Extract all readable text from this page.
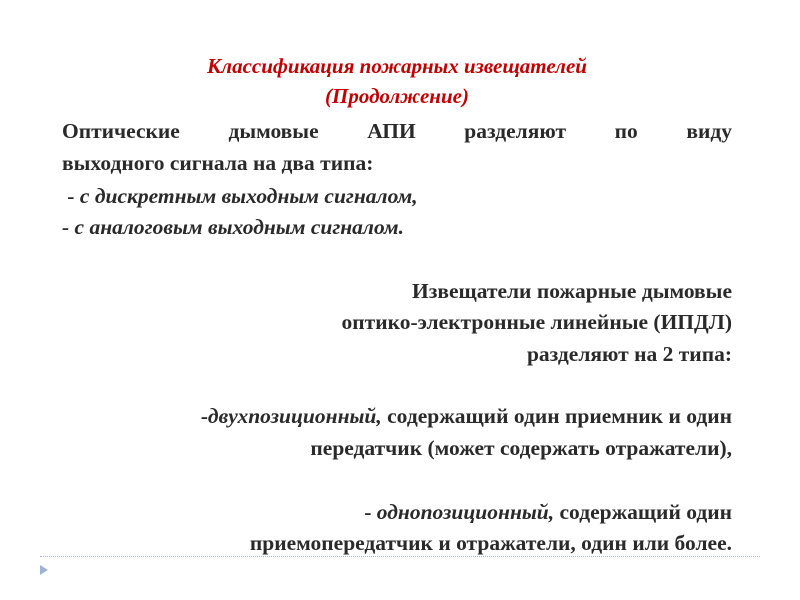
Классификация пожарных извещателей
(Продолжение)
Оптические дымовые АПИ разделяют по виду
выходного сигнала на два типа:
- с дискретным выходным сигналом,
- с аналоговым выходным сигналом.
Извещатели пожарные дымовые
оптико-электронные линейные (ИПДЛ)
разделяют на 2 типа:
-двухпозиционный, содержащий один приемник и один
передатчик (может содержать отражатели),
- однопозиционный, содержащий один
приемопередатчик и отражатели, один или более.
